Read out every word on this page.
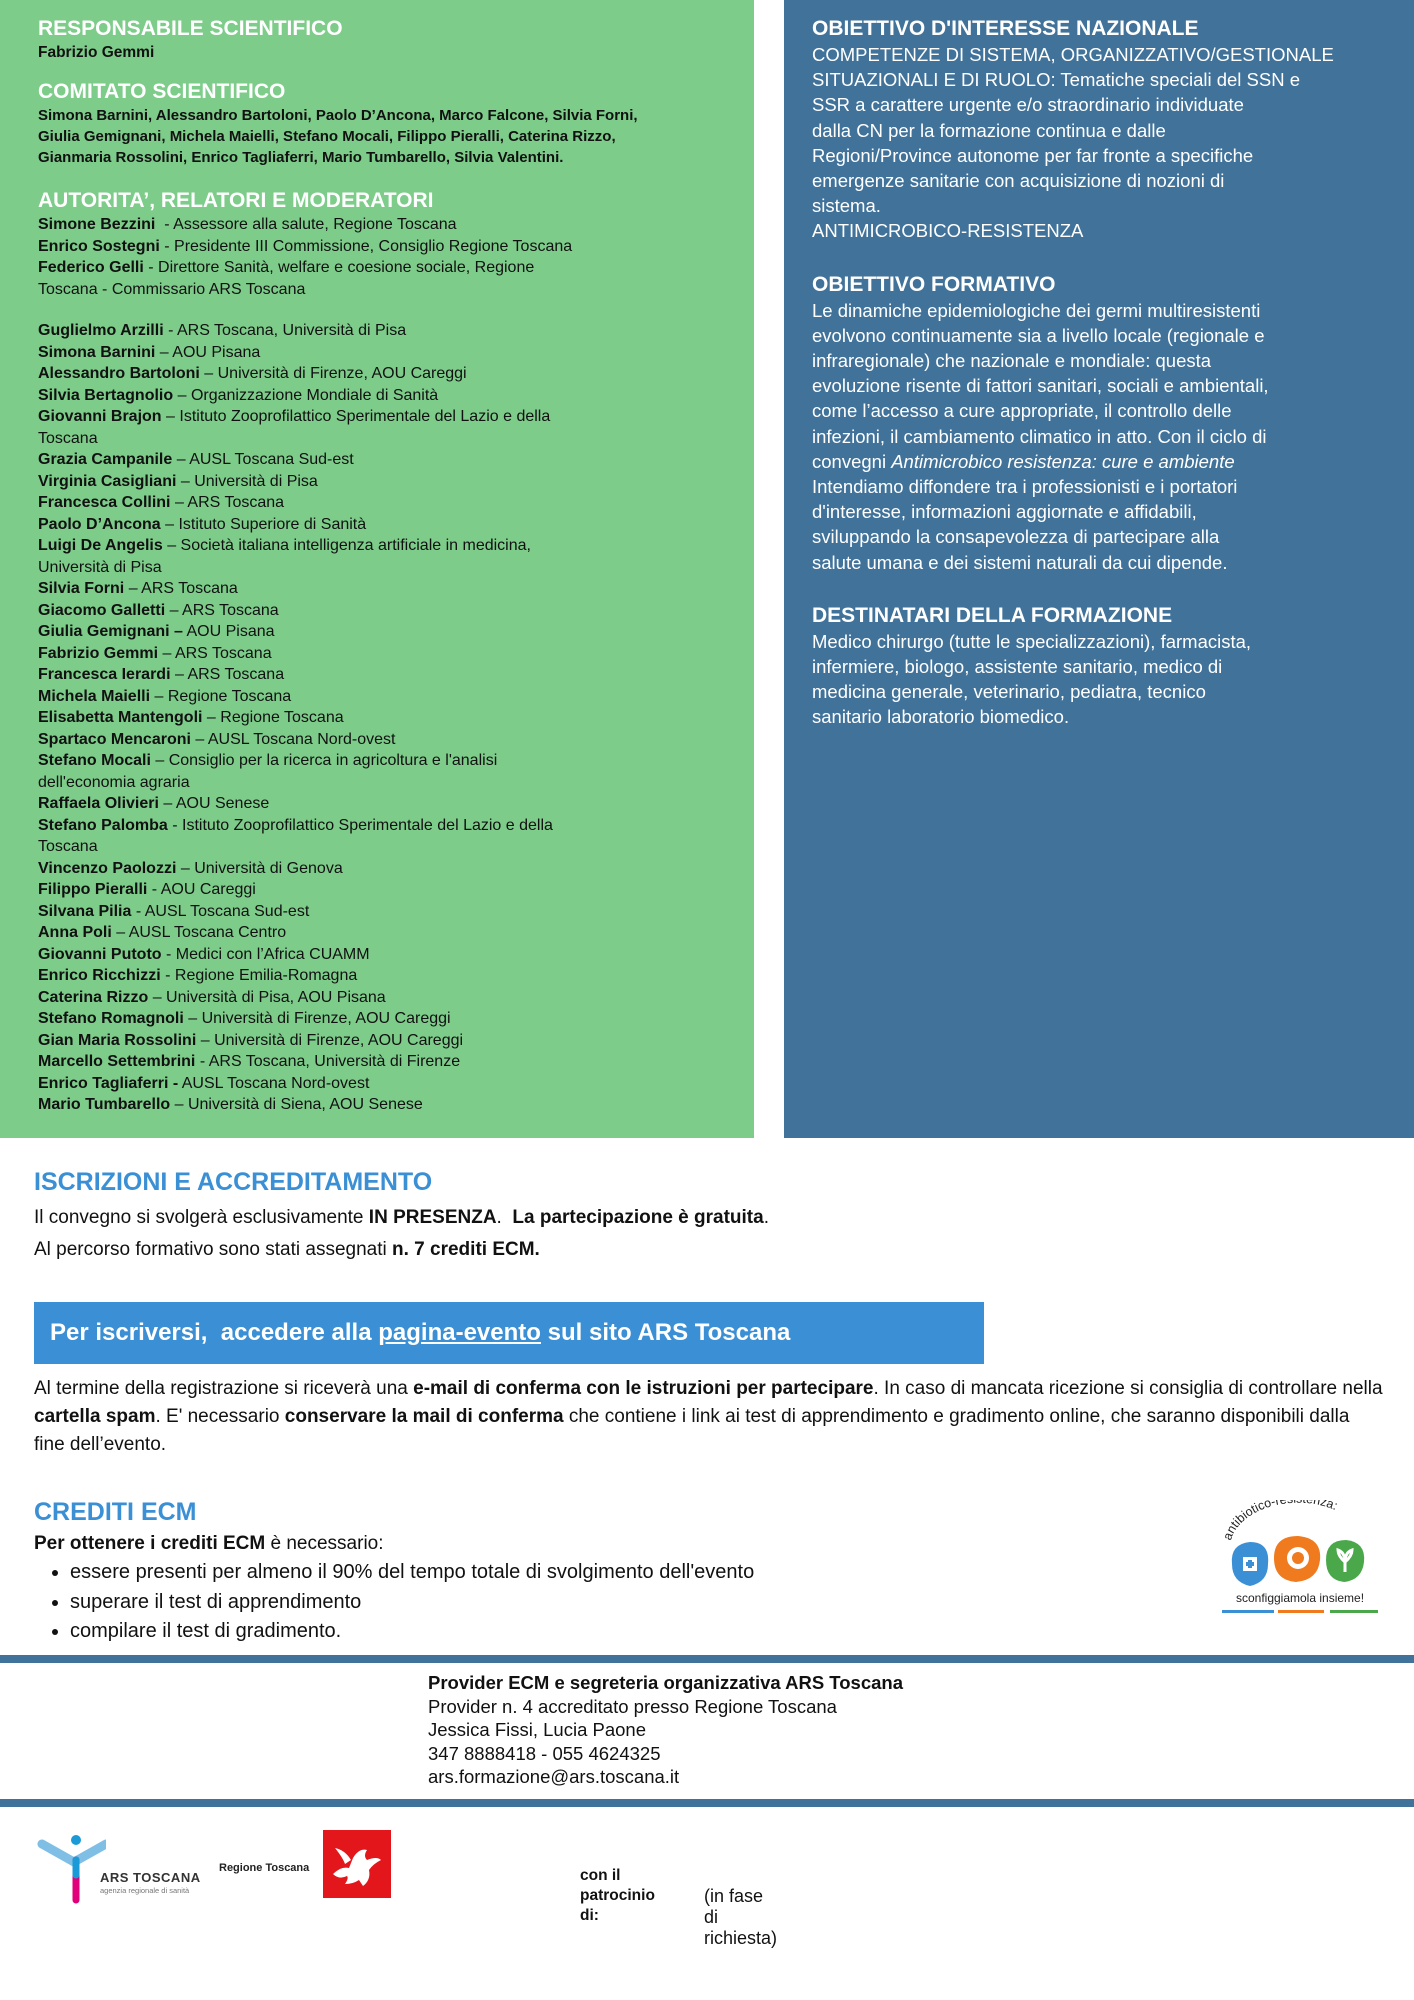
RESPONSABILE SCIENTIFICO

Fabrizio Gemmi

COMITATO SCIENTIFICO

Simona Barnini, Alessandro Bartoloni, Paolo D’Ancona, Marco Falcone, Silvia Forni,

Giulia Gemignani, Michela Maielli, Stefano Mocali, Filippo Pieralli, Caterina Rizzo,

Gianmaria Rossolini, Enrico Tagliaferri, Mario Tumbarello, Silvia Valentini.

AUTORITA’, RELATORI E MODERATORI

Simone Bezzini  - Assessore alla salute, Regione Toscana

Enrico Sostegni - Presidente III Commissione, Consiglio Regione Toscana

Federico Gelli - Direttore Sanità, welfare e coesione sociale, Regione

Toscana - Commissario ARS Toscana

Guglielmo Arzilli - ARS Toscana, Università di Pisa

Simona Barnini – AOU Pisana

Alessandro Bartoloni – Università di Firenze, AOU Careggi

Silvia Bertagnolio – Organizzazione Mondiale di Sanità

Giovanni Brajon – Istituto Zooprofilattico Sperimentale del Lazio e della

Toscana

Grazia Campanile – AUSL Toscana Sud-est

Virginia Casigliani – Università di Pisa

Francesca Collini – ARS Toscana

Paolo D’Ancona – Istituto Superiore di Sanità

Luigi De Angelis – Società italiana intelligenza artificiale in medicina,

Università di Pisa

Silvia Forni – ARS Toscana

Giacomo Galletti – ARS Toscana

Giulia Gemignani – AOU Pisana

Fabrizio Gemmi – ARS Toscana

Francesca Ierardi – ARS Toscana

Michela Maielli – Regione Toscana

Elisabetta Mantengoli – Regione Toscana

Spartaco Mencaroni – AUSL Toscana Nord-ovest

Stefano Mocali – Consiglio per la ricerca in agricoltura e l'analisi

dell'economia agraria

Raffaela Olivieri – AOU Senese

Stefano Palomba - Istituto Zooprofilattico Sperimentale del Lazio e della

Toscana

Vincenzo Paolozzi – Università di Genova

Filippo Pieralli - AOU Careggi

Silvana Pilia - AUSL Toscana Sud-est

Anna Poli – AUSL Toscana Centro

Giovanni Putoto - Medici con l’Africa CUAMM

Enrico Ricchizzi - Regione Emilia-Romagna

Caterina Rizzo – Università di Pisa, AOU Pisana

Stefano Romagnoli – Università di Firenze, AOU Careggi

Gian Maria Rossolini – Università di Firenze, AOU Careggi

Marcello Settembrini - ARS Toscana, Università di Firenze

Enrico Tagliaferri - AUSL Toscana Nord-ovest

Mario Tumbarello – Università di Siena, AOU Senese

OBIETTIVO D'INTERESSE NAZIONALE

COMPETENZE DI SISTEMA, ORGANIZZATIVO/GESTIONALE

SITUAZIONALI E DI RUOLO: Tematiche speciali del SSN e

SSR a carattere urgente e/o straordinario individuate

dalla CN per la formazione continua e dalle

Regioni/Province autonome per far fronte a specifiche

emergenze sanitarie con acquisizione di nozioni di

sistema.

ANTIMICROBICO-RESISTENZA

OBIETTIVO FORMATIVO

Le dinamiche epidemiologiche dei germi multiresistenti

evolvono continuamente sia a livello locale (regionale e

infraregionale) che nazionale e mondiale: questa

evoluzione risente di fattori sanitari, sociali e ambientali,

come l’accesso a cure appropriate, il controllo delle

infezioni, il cambiamento climatico in atto. Con il ciclo di

convegni Antimicrobico resistenza: cure e ambiente

Intendiamo diffondere tra i professionisti e i portatori

d'interesse, informazioni aggiornate e affidabili,

sviluppando la consapevolezza di partecipare alla

salute umana e dei sistemi naturali da cui dipende.

DESTINATARI DELLA FORMAZIONE

Medico chirurgo (tutte le specializzazioni), farmacista,

infermiere, biologo, assistente sanitario, medico di

medicina generale, veterinario, pediatra, tecnico

sanitario laboratorio biomedico.

ISCRIZIONI E ACCREDITAMENTO

Il convegno si svolgerà esclusivamente IN PRESENZA.  La partecipazione è gratuita.

Al percorso formativo sono stati assegnati n. 7 crediti ECM.

Per iscriversi,  accedere alla pagina-evento sul sito ARS Toscana

Al termine della registrazione si riceverà una e-mail di conferma con le istruzioni per partecipare. In caso di mancata ricezione si consiglia di controllare nella cartella spam. E' necessario conservare la mail di conferma che contiene i link ai test di apprendimento e gradimento online, che saranno disponibili dalla fine dell’evento.

CREDITI ECM

Per ottenere i crediti ECM è necessario:

• essere presenti per almeno il 90% del tempo totale di svolgimento dell'evento
• superare il test di apprendimento
• compilare il test di gradimento.
antibiotico-r nza:
sconfiggiamola insieme!
Provider ECM e segreteria organizzativa ARS Toscana
Provider n. 4 accreditato presso Regione Toscana
Jessica Fissi, Lucia Paone
347 8888418 - 055 4624325
ars.formazione@ars.toscana.it
ARS TOSCANA
agenzia regionale di sanità
Regione Toscana	con il
patrocinio
di:
(in fase di richiesta)
